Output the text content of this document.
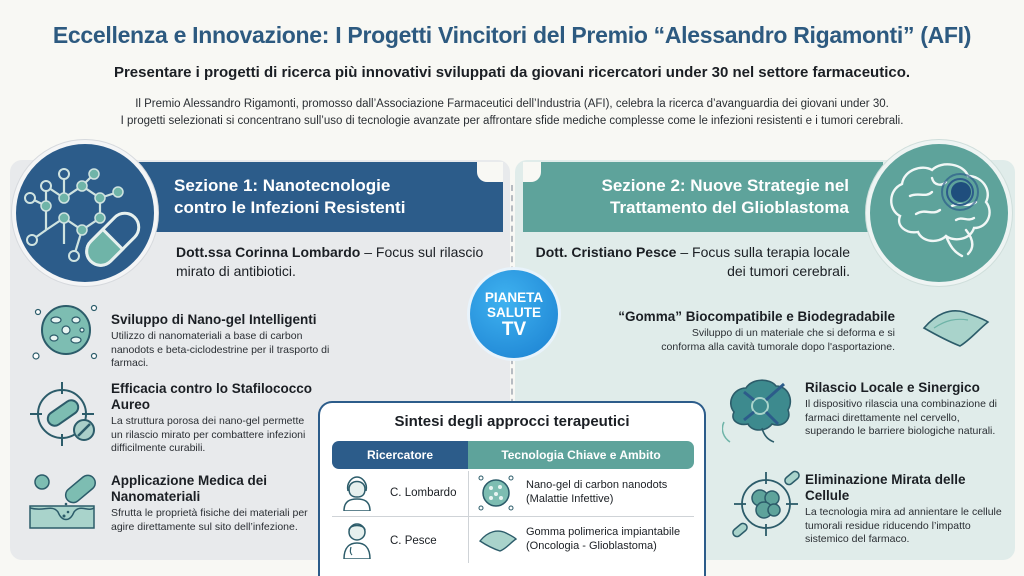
Eccellenza e Innovazione: I Progetti Vincitori del Premio “Alessandro Rigamonti” (AFI)
Presentare i progetti di ricerca più innovativi sviluppati da giovani ricercatori under 30 nel settore farmaceutico.
Il Premio Alessandro Rigamonti, promosso dall’Associazione Farmaceutici dell’Industria (AFI), celebra la ricerca d’avanguardia dei giovani under 30.
I progetti selezionati si concentrano sull’uso di tecnologie avanzate per affrontare sfide mediche complesse come le infezioni resistenti e i tumori cerebrali.
Sezione 1: Nanotecnologie
contro le Infezioni Resistenti
Dott.ssa Corinna Lombardo – Focus sul rilascio mirato di antibiotici.
Sezione 2: Nuove Strategie nel
Trattamento del Glioblastoma
Dott. Cristiano Pesce – Focus sulla terapia locale dei tumori cerebrali.
PIANETA
SALUTE
TV
Sviluppo di Nano-gel Intelligenti
Utilizzo di nanomateriali a base di carbon nanodots e beta-ciclodestrine per il trasporto di farmaci.
Efficacia contro lo Stafilococco Aureo
La struttura porosa dei nano-gel permette un rilascio mirato per combattere infezioni difficilmente curabili.
Applicazione Medica dei Nanomateriali
Sfrutta le proprietà fisiche dei materiali per agire direttamente sul sito dell’infezione.
“Gomma” Biocompatibile e Biodegradabile
Sviluppo di un materiale che si deforma e si conforma alla cavità tumorale dopo l'asportazione.
Rilascio Locale e Sinergico
Il dispositivo rilascia una combinazione di farmaci direttamente nel cervello, superando le barriere biologiche naturali.
Eliminazione Mirata delle Cellule
La tecnologia mira ad annientare le cellule tumorali residue riducendo l’impatto sistemico del farmaco.
Sintesi degli approcci terapeutici
Ricercatore	Tecnologia Chiave e Ambito
C. Lombardo
Nano-gel di carbon nanodots
(Malattie Infettive)
C. Pesce
Gomma polimerica impiantabile
(Oncologia - Glioblastoma)
